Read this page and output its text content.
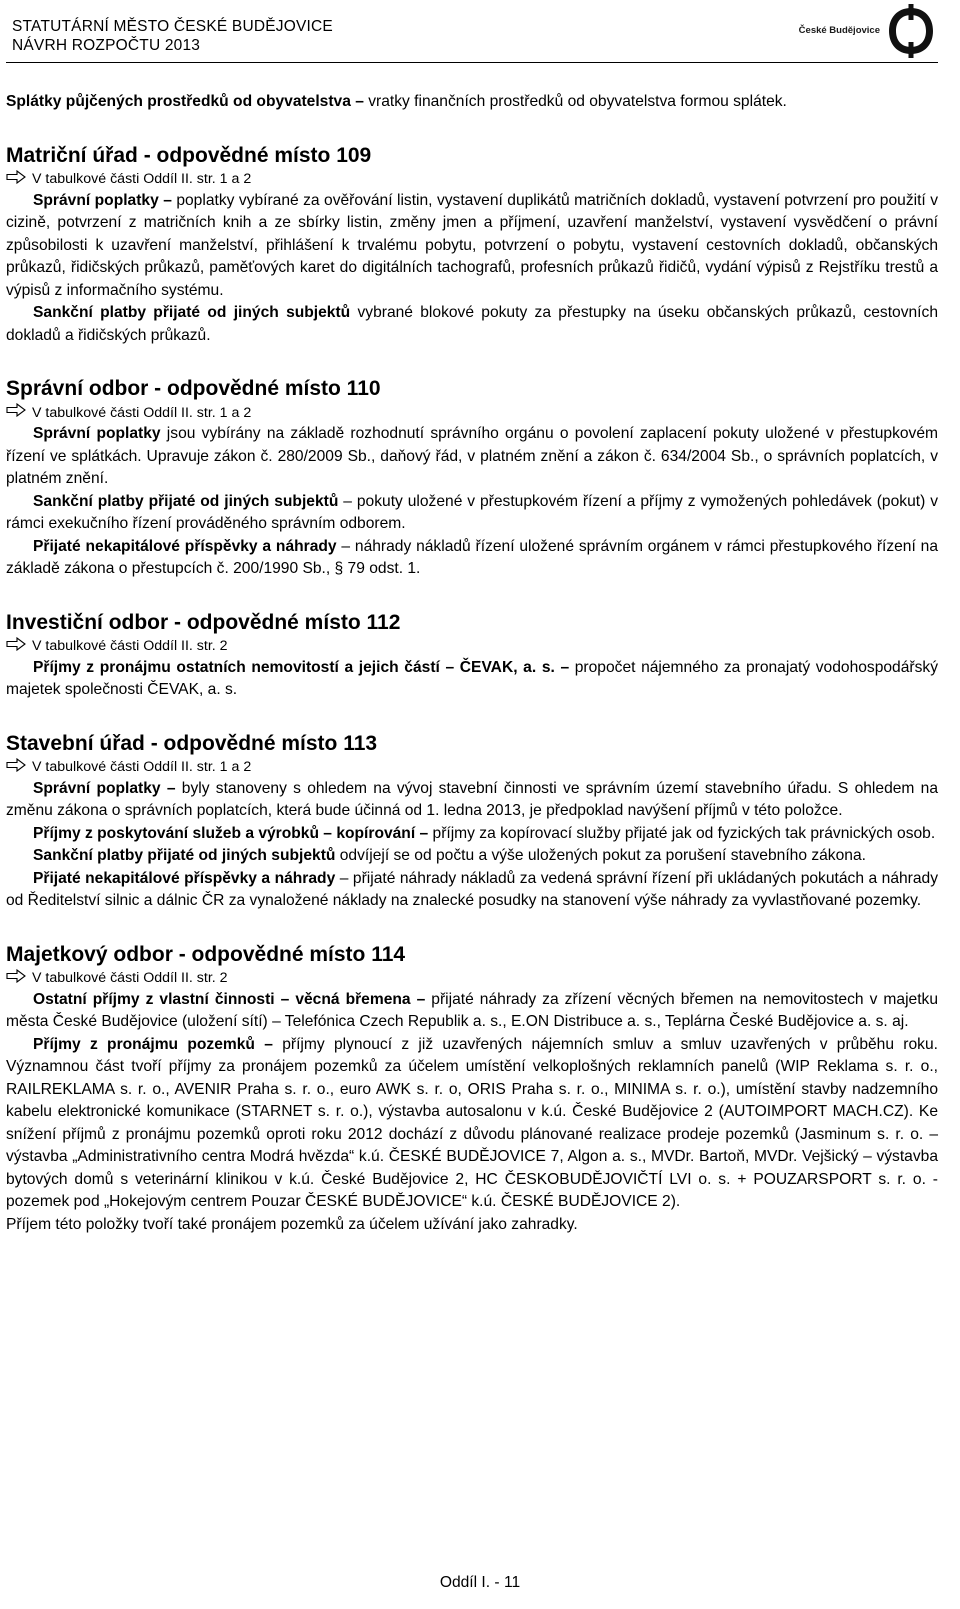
STATUTÁRNÍ MĚSTO ČESKÉ BUDĚJOVICE
NÁVRH ROZPOČTU 2013
České Budějovice

Splátky půjčených prostředků od obyvatelstva – vratky finančních prostředků od obyvatelstva formou splátek.

Matriční úřad - odpovědné místo 109
V tabulkové části Oddíl II. str. 1 a 2

Správní poplatky – poplatky vybírané za ověřování listin, vystavení duplikátů matričních dokladů, vystavení potvrzení pro použití v cizině, potvrzení z matričních knih a ze sbírky listin, změny jmen a příjmení, uzavření manželství, vystavení vysvědčení o právní způsobilosti k uzavření manželství, přihlášení k trvalému pobytu, potvrzení o pobytu, vystavení cestovních dokladů, občanských průkazů, řidičských průkazů, paměťových karet do digitálních tachografů, profesních průkazů řidičů, vydání výpisů z Rejstříku trestů a výpisů z informačního systému.

Sankční platby přijaté od jiných subjektů vybrané blokové pokuty za přestupky na úseku občanských průkazů, cestovních dokladů a řidičských průkazů.

Správní odbor - odpovědné místo 110
V tabulkové části Oddíl II. str. 1 a 2

Správní poplatky jsou vybírány na základě rozhodnutí správního orgánu o povolení zaplacení pokuty uložené v přestupkovém řízení ve splátkách. Upravuje zákon č. 280/2009 Sb., daňový řád, v platném znění a zákon č. 634/2004 Sb., o správních poplatcích, v platném znění.

Sankční platby přijaté od jiných subjektů – pokuty uložené v přestupkovém řízení a příjmy z vymožených pohledávek (pokut) v rámci exekučního řízení prováděného správním odborem.

Přijaté nekapitálové příspěvky a náhrady – náhrady nákladů řízení uložené správním orgánem v rámci přestupkového řízení na základě zákona o přestupcích č. 200/1990 Sb., § 79 odst. 1.

Investiční odbor - odpovědné místo 112
V tabulkové části Oddíl II. str. 2

Příjmy z pronájmu ostatních nemovitostí a jejich částí – ČEVAK, a. s. – propočet nájemného za pronajatý vodohospodářský majetek společnosti ČEVAK, a. s.

Stavební úřad - odpovědné místo 113
V tabulkové části Oddíl II. str. 1 a 2

Správní poplatky – byly stanoveny s ohledem na vývoj stavební činnosti ve správním území stavebního úřadu. S ohledem na změnu zákona o správních poplatcích, která bude účinná od 1. ledna 2013, je předpoklad navýšení příjmů v této položce.

Příjmy z poskytování služeb a výrobků – kopírování – příjmy za kopírovací služby přijaté jak od fyzických tak právnických osob.

Sankční platby přijaté od jiných subjektů odvíjejí se od počtu a výše uložených pokut za porušení stavebního zákona.

Přijaté nekapitálové příspěvky a náhrady – přijaté náhrady nákladů za vedená správní řízení při ukládaných pokutách a náhrady od Ředitelství silnic a dálnic ČR za vynaložené náklady na znalecké posudky na stanovení výše náhrady za vyvlastňované pozemky.

Majetkový odbor - odpovědné místo 114
V tabulkové části Oddíl II. str. 2

Ostatní příjmy z vlastní činnosti – věcná břemena – přijaté náhrady za zřízení věcných břemen na nemovitostech v majetku města České Budějovice (uložení sítí) – Telefónica Czech Republik a. s., E.ON Distribuce a. s., Teplárna České Budějovice a. s. aj.

Příjmy z pronájmu pozemků – příjmy plynoucí z již uzavřených nájemních smluv a smluv uzavřených v průběhu roku. Významnou část tvoří příjmy za pronájem pozemků za účelem umístění velkoplošných reklamních panelů (WIP Reklama s. r. o., RAILREKLAMA s. r. o., AVENIR Praha s. r. o., euro AWK s. r. o, ORIS Praha s. r. o., MINIMA s. r. o.), umístění stavby nadzemního kabelu elektronické komunikace (STARNET s. r. o.), výstavba autosalonu v k.ú. České Budějovice 2 (AUTOIMPORT MACH.CZ). Ke snížení příjmů z pronájmu pozemků oproti roku 2012 dochází z důvodu plánované realizace prodeje pozemků (Jasminum s. r. o. – výstavba „Administrativního centra Modrá hvězda“ k.ú. ČESKÉ BUDĚJOVICE 7, Algon a. s., MVDr. Bartoň, MVDr. Vejšický – výstavba bytových domů s veterinární klinikou v k.ú. České Budějovice 2, HC ČESKOBUDĚJOVIČTÍ LVI o. s. + POUZARSPORT s. r. o. - pozemek pod „Hokejovým centrem Pouzar ČESKÉ BUDĚJOVICE“ k.ú. ČESKÉ BUDĚJOVICE 2).

Příjem této položky tvoří také pronájem pozemků za účelem užívání jako zahradky.

Oddíl I. - 11
